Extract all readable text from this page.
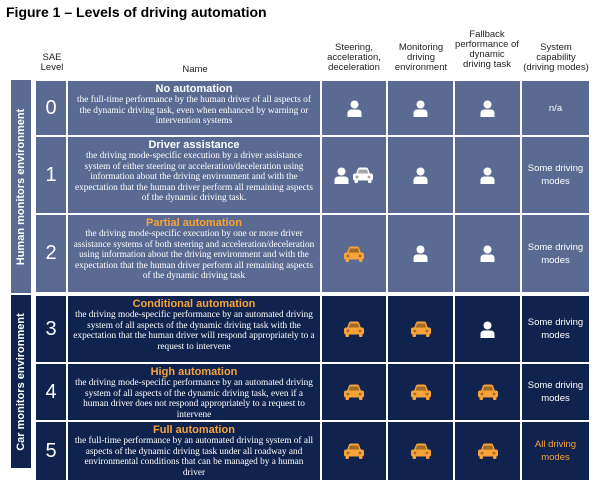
Figure 1 – Levels of driving automation
SAE Level	Name
Steering, acceleration, deceleration
Monitoring driving environment
Fallback performance of dynamic driving task
System capability (driving modes)
Human monitors environment
Car monitors environment
0
No automation
the full-time performance by the human driver of all aspects of the dynamic driving task, even when enhanced by warning or intervention systems
n/a
1
Driver assistance
the driving mode-specific execution by a driver assistance system of either steering or acceleration/deceleration using information about the driving environment and with the expectation that the human driver perform all remaining aspects of the dynamic driving task.
Some driving modes
2
Partial automation
the driving mode-specific execution by one or more driver assistance systems of both steering and acceleration/deceleration using information about the driving environment and with the expectation that the human driver perform all remaining aspects of the dynamic driving task
Some driving modes
3
Conditional automation
the driving mode-specific performance by an automated driving system of all aspects of the dynamic driving task with the expectation that the human driver will respond appropriately to a request to intervene
Some driving modes
4
High automation
the driving mode-specific performance by an automated driving system of all aspects of the dynamic driving task, even if a human driver does not respond appropriately to a request to intervene
Some driving modes
5
Full automation
the full-time performance by an automated driving system of all aspects of the dynamic driving task under all roadway and environmental conditions that can be managed by a human driver
All driving modes
